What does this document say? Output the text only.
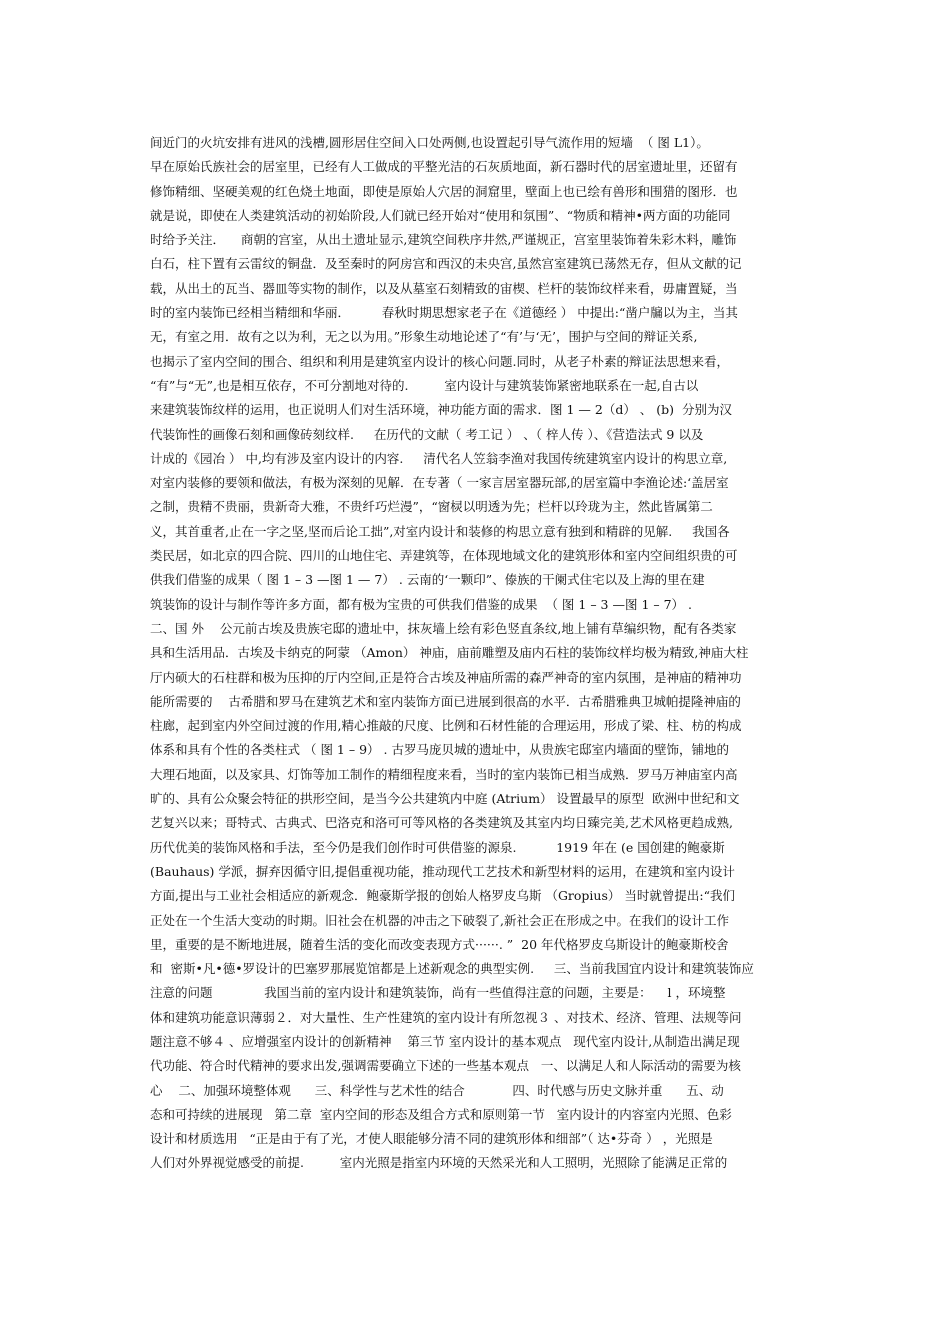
间近门的火坑安排有进风的浅槽,圆形居住空间入口处两侧,也设置起引导气流作用的短墙  （ 图 L1）。
早在原始氏族社会的居室里，已经有人工做成的平整光洁的石灰质地面，新石器时代的居室遗址里，还留有
修饰精细、坚硬美观的红色烧土地面，即使是原始人穴居的洞窟里，壁面上也已绘有兽形和围猎的图形．也
就是说，即使在人类建筑活动的初始阶段,人们就已经开始对“使用和氛围”、“物质和精神•两方面的功能同
时给予关注．    商朝的宫室，从出土遗址显示,建筑空间秩序井然,严谨规正，宫室里装饰着朱彩木料，雕饰
白石，柱下置有云雷纹的铜盘．及至秦时的阿房宫和西汉的未央宫,虽然宫室建筑已荡然无存，但从文献的记
载，从出土的瓦当、器皿等实物的制作，以及从墓室石刻精致的宙楔、栏杆的装饰纹样来看，毋庸置疑，当
时的室内装饰已经相当精细和华丽．        春秋时期思想家老子在《道德经 ） 中提出:“凿户牖以为主，当其
无，有室之用．故有之以为利，无之以为用。”形象生动地论述了“有’与‘无’，围护与空间的辩证关系,
也揭示了室内空间的围合、组织和利用是建筑室内设计的核心问题.同时，从老子朴素的辩证法思想来看，
“有”与“无”,也是相互依存，不可分割地对待的.         室内设计与建筑装饰紧密地联系在一起,自古以
来建筑装饰纹样的运用，也正说明人们对生活环境，神功能方面的需求．图 1 — 2（d） 、 (b)  分别为汉
代装饰性的画像石刻和画像砖刻纹样.     在历代的文献（ 考工记 ） 、（ 梓人传 ）、《营造法式 9 以及
计成的《园冶 ） 中,均有涉及室内设计的内容.     清代名人笠翁李渔对我国传统建筑室内设计的构思立章,
对室内装修的要领和做法，有极为深刻的见解．在专著（ 一家言居室器玩部,的居室篇中李渔论述:‘盖居室
之制，贵精不贵丽，贵新奇大雅，不贵纤巧烂漫”，“窗棂以明透为先；栏杆以玲珑为主，然此皆属第二
义，其首重者,止在一字之坚,坚而后论工拙”,对室内设计和装修的构思立意有独到和精辟的见解.     我国各
类民居，如北京的四合院、四川的山地住宅、弄建筑等，在体现地域文化的建筑形体和室内空间组织贵的可
供我们借鉴的成果（ 图 1 – 3 —图 1 — 7） . 云南的‘一颗印”、傣族的干阑式住宅以及上海的里在建
筑装饰的设计与制作等许多方面，都有极为宝贵的可供我们借鉴的成果  （ 图 1 – 3 —图 1 – 7） .
二、国 外    公元前古埃及贵族宅邸的遗址中，抹灰墙上绘有彩色竖直条纹,地上铺有草编织物，配有各类家
具和生活用品．古埃及卡纳克的阿蒙 （Amon） 神庙，庙前雕塑及庙内石柱的装饰纹样均极为精致,神庙大柱
厅内硕大的石柱群和极为压抑的厅内空间,正是符合古埃及神庙所需的森严神奇的室内氛围，是神庙的精神功
能所需要的    古希腊和罗马在建筑艺术和室内装饰方面已进展到很高的水平．古希腊雅典卫城帕提隆神庙的
柱廊，起到室内外空间过渡的作用,精心推敲的尺度、比例和石材性能的合理运用，形成了梁、柱、枋的构成
体系和具有个性的各类柱式 （ 图 1 – 9） . 古罗马庞贝城的遗址中，从贵族宅邸室内墙面的壁饰，铺地的
大理石地面，以及家具、灯饰等加工制作的精细程度来看，当时的室内装饰已相当成熟．罗马万神庙室内高
旷的、具有公众聚会特征的拱形空间，是当今公共建筑内中庭 (Atrium） 设置最早的原型  欧洲中世纪和文
艺复兴以来；哥特式、古典式、巴洛克和洛可可等风格的各类建筑及其室内均日臻完美,艺术风格更趋成熟,
历代优美的装饰风格和手法，至今仍是我们创作时可供借鉴的源泉.          1919 年在 (e 国创建的鲍豪斯
(Bauhaus) 学派，摒弃因循守旧,提倡重视功能，推动现代工艺技术和新型材料的运用，在建筑和室内设计
方面,提出与工业社会相适应的新观念．鲍豪斯学报的创始人格罗皮乌斯 （Gropius） 当时就曾提出:“我们
正处在一个生活大变动的时期。旧社会在机器的冲击之下破裂了,新社会正在形成之中。在我们的设计工作
里，重要的是不断地进展，随着生活的变化而改变表现方式······. ”  20 年代格罗皮乌斯设计的鲍豪斯校舍
和  密斯•凡•德•罗设计的巴塞罗那展览馆都是上述新观念的典型实例.     三、当前我国宜内设计和建筑装饰应
注意的问题             我国当前的室内设计和建筑装饰，尚有一些值得注意的问题，主要是：    l ，环境整
体和建筑功能意识薄弱２．对大量性、生产性建筑的室内设计有所忽视３ 、对技术、经济、管理、法规等问
题注意不够４ 、应增强室内设计的创新精神    第三节 室内设计的基本观点   现代室内设计,从制造出满足现
代功能、符合时代精神的要求出发,强调需要确立下述的一些基本观点   一、以满足人和人际活动的需要为核
心    二、加强环境整体观      三、科学性与艺术性的结合            四、时代感与历史文脉并重      五、动
态和可持续的进展现   第二章  室内空间的形态及组合方式和原则第一节   室内设计的内容室内光照、色彩
设计和材质选用   “正是由于有了光，才使人眼能够分清不同的建筑形体和细部”（ 达•芬奇 ） ，光照是
人们对外界视觉感受的前提.         室内光照是指室内环境的天然采光和人工照明，光照除了能满足正常的
